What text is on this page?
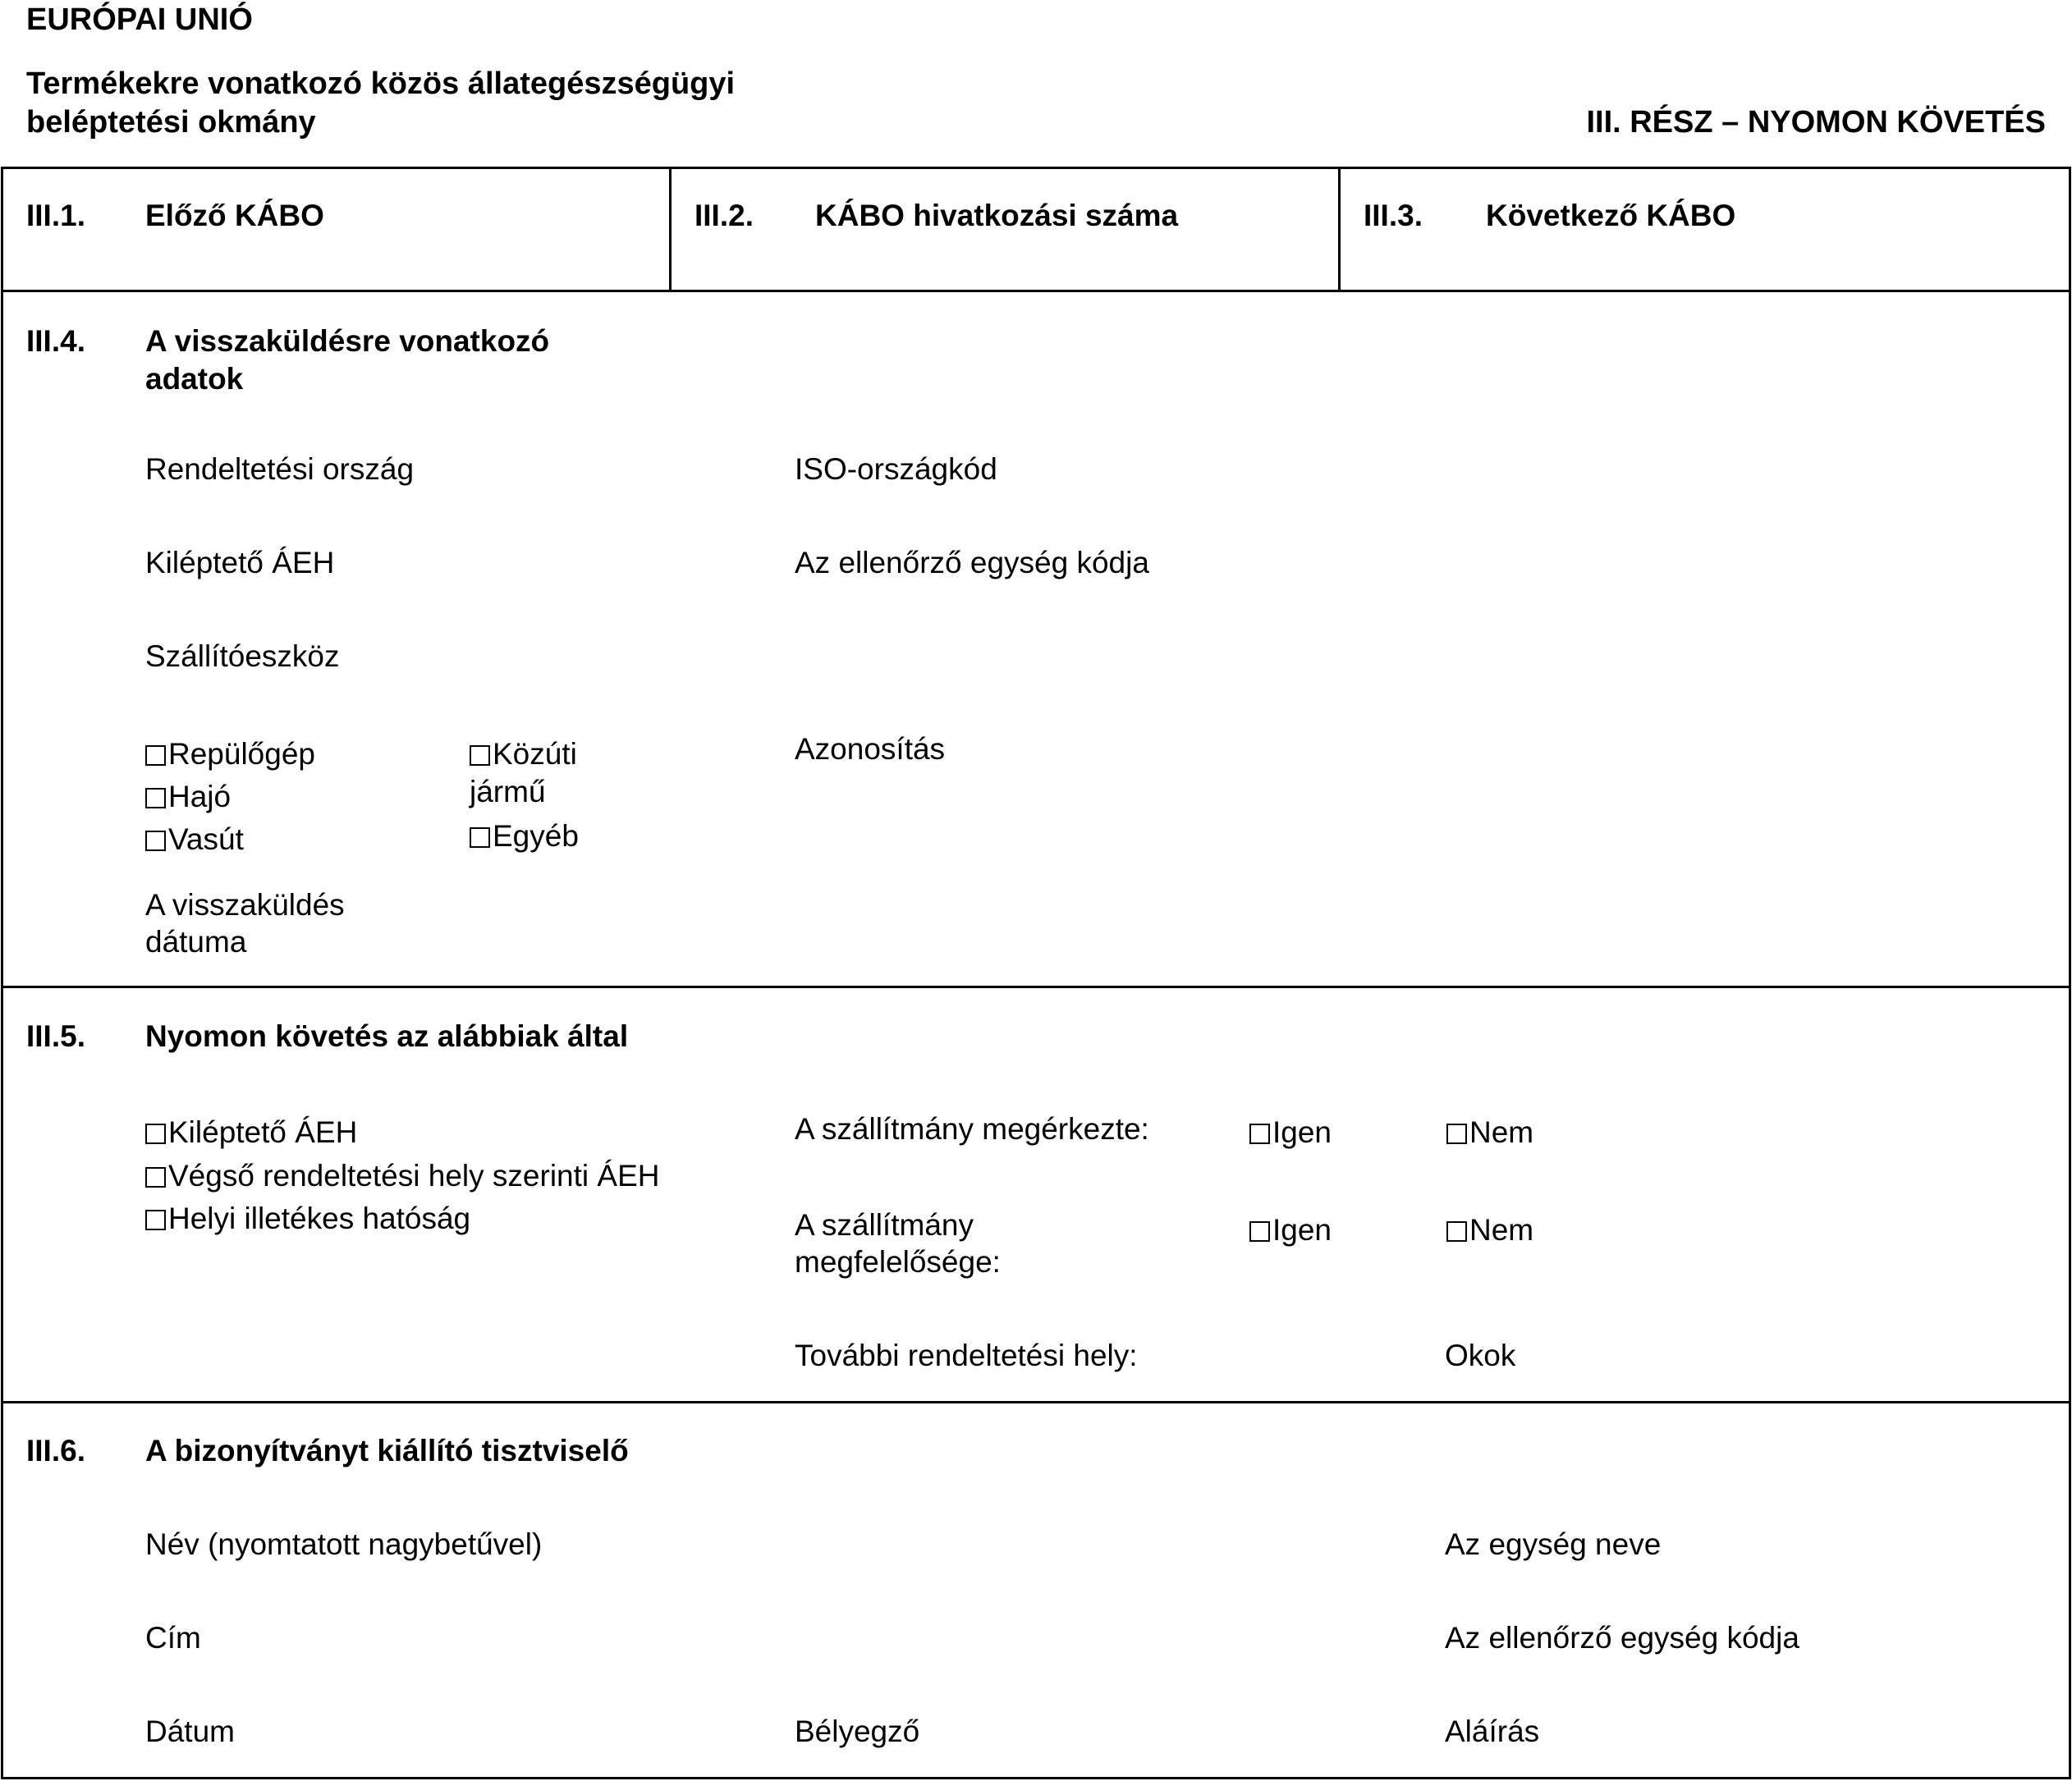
EURÓPAI UNIÓ
Termékekre vonatkozó közös állategészségügyi
beléptetési okmány	III. RÉSZ – NYOMON KÖVETÉS
III.1. Előző KÁBO	III.2. KÁBO hivatkozási száma	III.3. Következő KÁBO
III.4. A visszaküldésre vonatkozó
adatok
Rendeltetési ország	ISO-országkód
Kiléptető ÁEH	Az ellenőrző egység kódja
Szállítóeszköz
Repülőgép
Hajó
Vasút
Közúti
jármű
Egyéb
Azonosítás
A visszaküldés
dátuma
III.5. Nyomon követés az alábbiak által
Kiléptető ÁEH
Végső rendeltetési hely szerinti ÁEH
Helyi illetékes hatóság
A szállítmány megérkezte:	Igen	Nem
A szállítmány
megfelelősége:
Igen	Nem
További rendeltetési hely:	Okok
III.6. A bizonyítványt kiállító tisztviselő
Név (nyomtatott nagybetűvel)	Az egység neve
Cím	Az ellenőrző egység kódja
Dátum	Bélyegző	Aláírás
